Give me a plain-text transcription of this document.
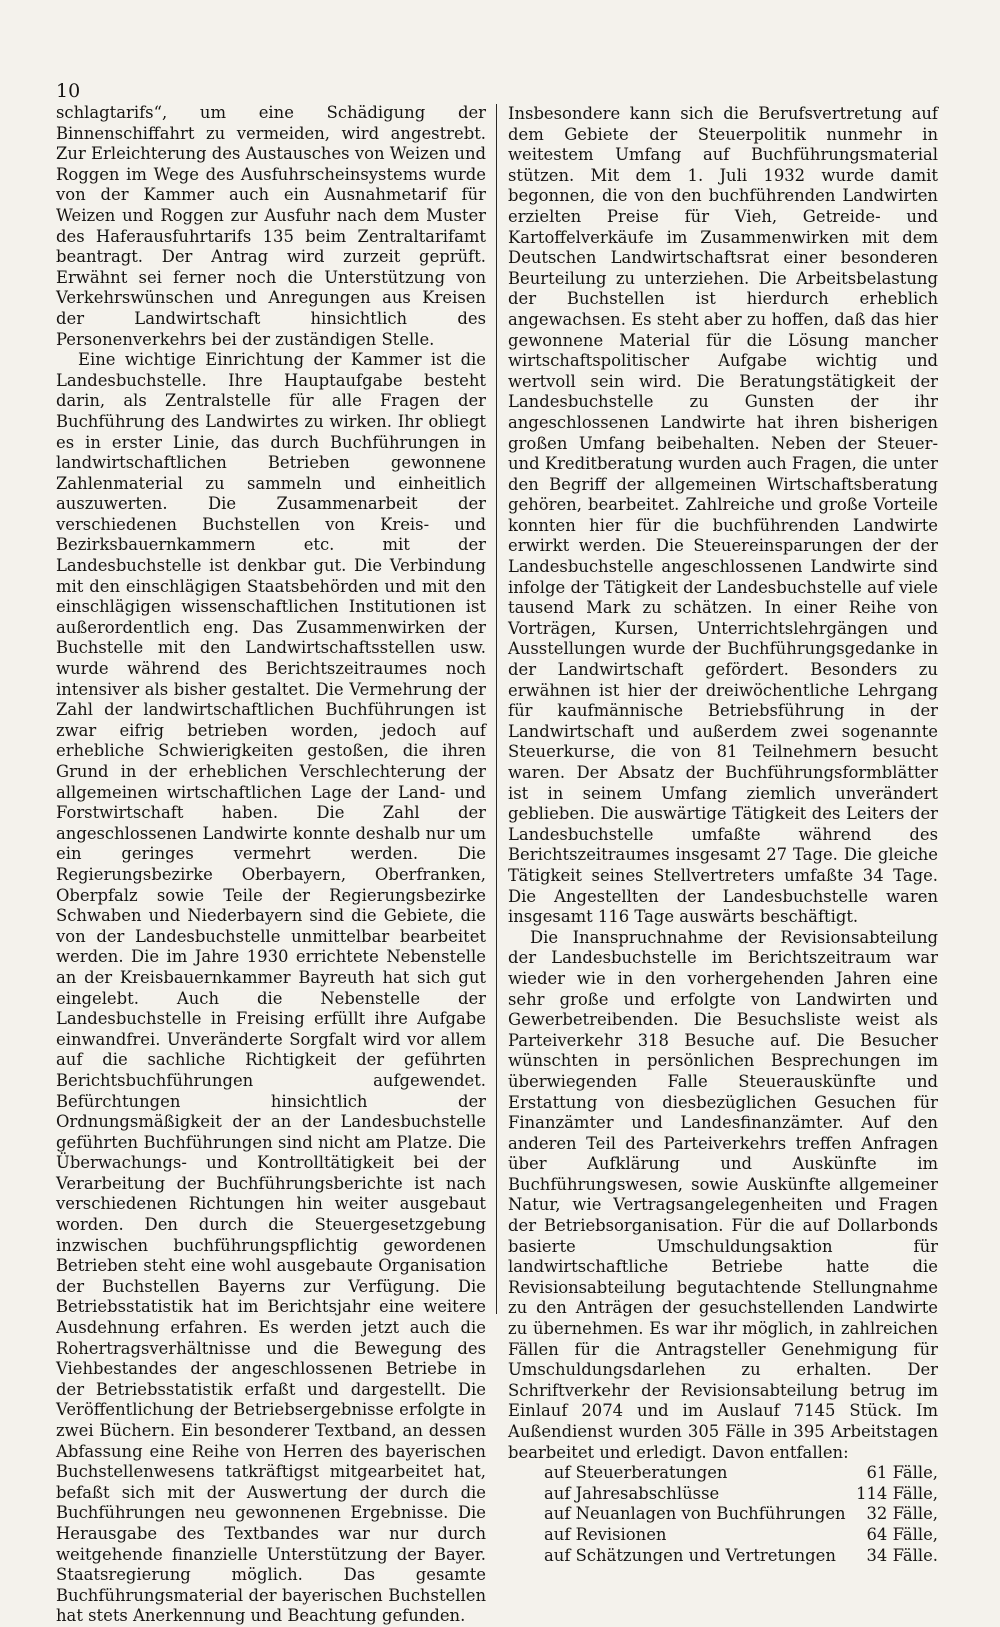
10

schlagtarifs“, um eine Schädigung der Binnenschiffahrt zu vermeiden, wird angestrebt. Zur Erleichterung des Austausches von Weizen und Roggen im Wege des Ausfuhrscheinsystems wurde von der Kammer auch ein Ausnahmetarif für Weizen und Roggen zur Ausfuhr nach dem Muster des Haferausfuhrtarifs 135 beim Zentraltarifamt beantragt. Der Antrag wird zurzeit geprüft. Erwähnt sei ferner noch die Unterstützung von Verkehrswünschen und Anregungen aus Kreisen der Landwirtschaft hinsichtlich des Personenverkehrs bei der zuständigen Stelle.

Eine wichtige Einrichtung der Kammer ist die Landesbuchstelle. Ihre Hauptaufgabe besteht darin, als Zentralstelle für alle Fragen der Buchführung des Landwirtes zu wirken. Ihr obliegt es in erster Linie, das durch Buchführungen in landwirtschaftlichen Betrieben gewonnene Zahlenmaterial zu sammeln und einheitlich auszuwerten. Die Zusammenarbeit der verschiedenen Buchstellen von Kreis- und Bezirksbauernkammern etc. mit der Landesbuchstelle ist denkbar gut. Die Verbindung mit den einschlägigen Staatsbehörden und mit den einschlägigen wissenschaftlichen Institutionen ist außerordentlich eng. Das Zusammenwirken der Buchstelle mit den Landwirtschaftsstellen usw. wurde während des Berichtszeitraumes noch intensiver als bisher gestaltet. Die Vermehrung der Zahl der landwirtschaftlichen Buchführungen ist zwar eifrig betrieben worden, jedoch auf erhebliche Schwierigkeiten gestoßen, die ihren Grund in der erheblichen Verschlechterung der allgemeinen wirtschaftlichen Lage der Land- und Forstwirtschaft haben. Die Zahl der angeschlossenen Landwirte konnte deshalb nur um ein geringes vermehrt werden. Die Regierungsbezirke Oberbayern, Oberfranken, Oberpfalz sowie Teile der Regierungsbezirke Schwaben und Niederbayern sind die Gebiete, die von der Landesbuchstelle unmittelbar bearbeitet werden. Die im Jahre 1930 errichtete Nebenstelle an der Kreisbauernkammer Bayreuth hat sich gut eingelebt. Auch die Nebenstelle der Landesbuchstelle in Freising erfüllt ihre Aufgabe einwandfrei. Unveränderte Sorgfalt wird vor allem auf die sachliche Richtigkeit der geführten Berichtsbuchführungen aufgewendet. Befürchtungen hinsichtlich der Ordnungsmäßigkeit der an der Landesbuchstelle geführten Buchführungen sind nicht am Platze. Die Überwachungs- und Kontrolltätigkeit bei der Verarbeitung der Buchführungsberichte ist nach verschiedenen Richtungen hin weiter ausgebaut worden. Den durch die Steuergesetzgebung inzwischen buchführungspflichtig gewordenen Betrieben steht eine wohl ausgebaute Organisation der Buchstellen Bayerns zur Verfügung. Die Betriebsstatistik hat im Berichtsjahr eine weitere Ausdehnung erfahren. Es werden jetzt auch die Rohertragsverhältnisse und die Bewegung des Viehbestandes der angeschlossenen Betriebe in der Betriebsstatistik erfaßt und dargestellt. Die Veröffentlichung der Betriebsergebnisse erfolgte in zwei Büchern. Ein besonderer Textband, an dessen Abfassung eine Reihe von Herren des bayerischen Buchstellenwesens tatkräftigst mitgearbeitet hat, befaßt sich mit der Auswertung der durch die Buchführungen neu gewonnenen Ergebnisse. Die Herausgabe des Textbandes war nur durch weitgehende finanzielle Unterstützung der Bayer. Staatsregierung möglich. Das gesamte Buchführungsmaterial der bayerischen Buchstellen hat stets Anerkennung und Beachtung gefunden.

Insbesondere kann sich die Berufsvertretung auf dem Gebiete der Steuerpolitik nunmehr in weitestem Umfang auf Buchführungsmaterial stützen. Mit dem 1. Juli 1932 wurde damit begonnen, die von den buchführenden Landwirten erzielten Preise für Vieh, Getreide- und Kartoffelverkäufe im Zusammenwirken mit dem Deutschen Landwirtschaftsrat einer besonderen Beurteilung zu unterziehen. Die Arbeitsbelastung der Buchstellen ist hierdurch erheblich angewachsen. Es steht aber zu hoffen, daß das hier gewonnene Material für die Lösung mancher wirtschaftspolitischer Aufgabe wichtig und wertvoll sein wird. Die Beratungstätigkeit der Landesbuchstelle zu Gunsten der ihr angeschlossenen Landwirte hat ihren bisherigen großen Umfang beibehalten. Neben der Steuer- und Kreditberatung wurden auch Fragen, die unter den Begriff der allgemeinen Wirtschaftsberatung gehören, bearbeitet. Zahlreiche und große Vorteile konnten hier für die buchführenden Landwirte erwirkt werden. Die Steuereinsparungen der der Landesbuchstelle angeschlossenen Landwirte sind infolge der Tätigkeit der Landesbuchstelle auf viele tausend Mark zu schätzen. In einer Reihe von Vorträgen, Kursen, Unterrichtslehrgängen und Ausstellungen wurde der Buchführungsgedanke in der Landwirtschaft gefördert. Besonders zu erwähnen ist hier der dreiwöchentliche Lehrgang für kaufmännische Betriebsführung in der Landwirtschaft und außerdem zwei sogenannte Steuerkurse, die von 81 Teilnehmern besucht waren. Der Absatz der Buchführungsformblätter ist in seinem Umfang ziemlich unverändert geblieben. Die auswärtige Tätigkeit des Leiters der Landesbuchstelle umfaßte während des Berichtszeitraumes insgesamt 27 Tage. Die gleiche Tätigkeit seines Stellvertreters umfaßte 34 Tage. Die Angestellten der Landesbuchstelle waren insgesamt 116 Tage auswärts beschäftigt.

Die Inanspruchnahme der Revisionsabteilung der Landesbuchstelle im Berichtszeitraum war wieder wie in den vorhergehenden Jahren eine sehr große und erfolgte von Landwirten und Gewerbetreibenden. Die Besuchsliste weist als Parteiverkehr 318 Besuche auf. Die Besucher wünschten in persönlichen Besprechungen im überwiegenden Falle Steuerauskünfte und Erstattung von diesbezüglichen Gesuchen für Finanzämter und Landesfinanzämter. Auf den anderen Teil des Parteiverkehrs treffen Anfragen über Aufklärung und Auskünfte im Buchführungswesen, sowie Auskünfte allgemeiner Natur, wie Vertragsangelegenheiten und Fragen der Betriebsorganisation. Für die auf Dollarbonds basierte Umschuldungsaktion für landwirtschaftliche Betriebe hatte die Revisionsabteilung begutachtende Stellungnahme zu den Anträgen der gesuchstellenden Landwirte zu übernehmen. Es war ihr möglich, in zahlreichen Fällen für die Antragsteller Genehmigung für Umschuldungsdarlehen zu erhalten. Der Schriftverkehr der Revisionsabteilung betrug im Einlauf 2074 und im Auslauf 7145 Stück. Im Außendienst wurden 305 Fälle in 395 Arbeitstagen bearbeitet und erledigt. Davon entfallen:

auf Steuerberatungen	61 Fälle,
auf Jahresabschlüsse	114 Fälle,
auf Neuanlagen von Buchführungen 32 Fälle,
auf Revisionen	64 Fälle,
auf Schätzungen und Vertretungen 34 Fälle.
